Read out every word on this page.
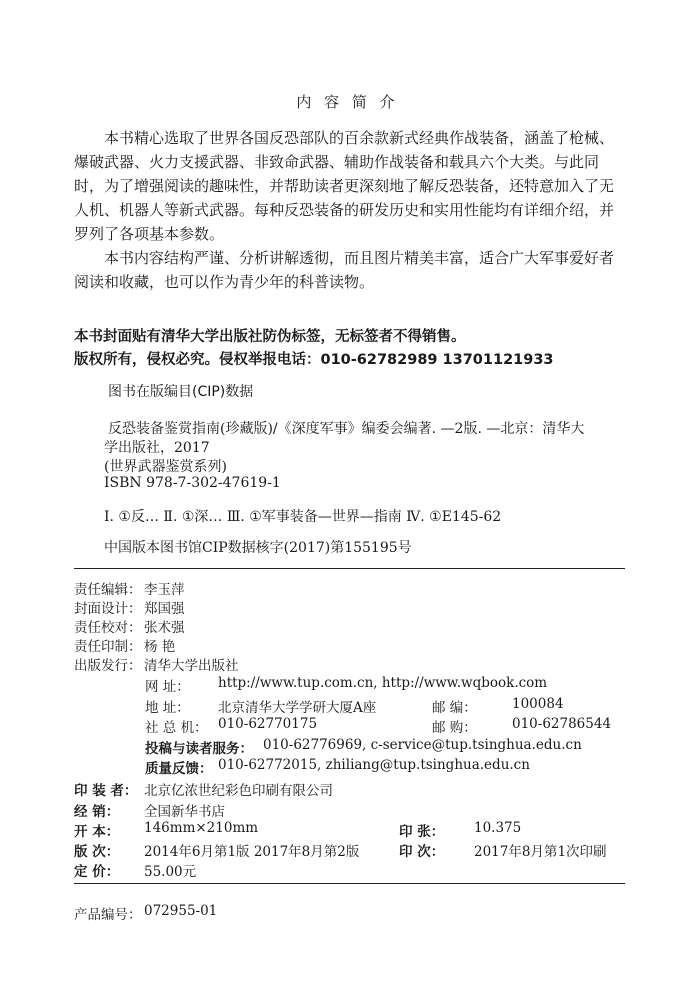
内 容 简 介
本书精心选取了世界各国反恐部队的百余款新式经典作战装备，涵盖了枪械、
爆破武器、火力支援武器、非致命武器、辅助作战装备和载具六个大类。与此同
时，为了增强阅读的趣味性，并帮助读者更深刻地了解反恐装备，还特意加入了无
人机、机器人等新式武器。每种反恐装备的研发历史和实用性能均有详细介绍，并
罗列了各项基本参数。
本书内容结构严谨、分析讲解透彻，而且图片精美丰富，适合广大军事爱好者
阅读和收藏，也可以作为青少年的科普读物。
本书封面贴有清华大学出版社防伪标签，无标签者不得销售。
版权所有，侵权必究。侵权举报电话：010-62782989 13701121933
图书在版编目(CIP)数据
反恐装备鉴赏指南(珍藏版)/《深度军事》编委会编著. —2版. —北京：清华大
学出版社，2017
(世界武器鉴赏系列)
ISBN 978-7-302-47619-1
Ⅰ. ①反… Ⅱ. ①深… Ⅲ. ①军事装备—世界—指南 Ⅳ. ①E145-62
中国版本图书馆CIP数据核字(2017)第155195号
责任编辑： 李玉萍
封面设计： 郑国强
责任校对： 张术强
责任印制： 杨 艳
出版发行： 清华大学出版社
网 址： http://www.tup.com.cn, http://www.wqbook.com
地 址： 北京清华大学学研大厦A座	邮 编：	100084
社 总 机： 010-62770175	邮 购：	010-62786544
投稿与读者服务： 010-62776969, c-service@tup.tsinghua.edu.cn
质量反馈： 010-62772015, zhiliang@tup.tsinghua.edu.cn
印 装 者： 北京亿浓世纪彩色印刷有限公司
经 销： 全国新华书店
开 本： 146mm×210mm	印 张： 10.375
版 次： 2014年6月第1版 2017年8月第2版	印 次： 2017年8月第1次印刷
定 价： 55.00元
产品编号： 072955-01
